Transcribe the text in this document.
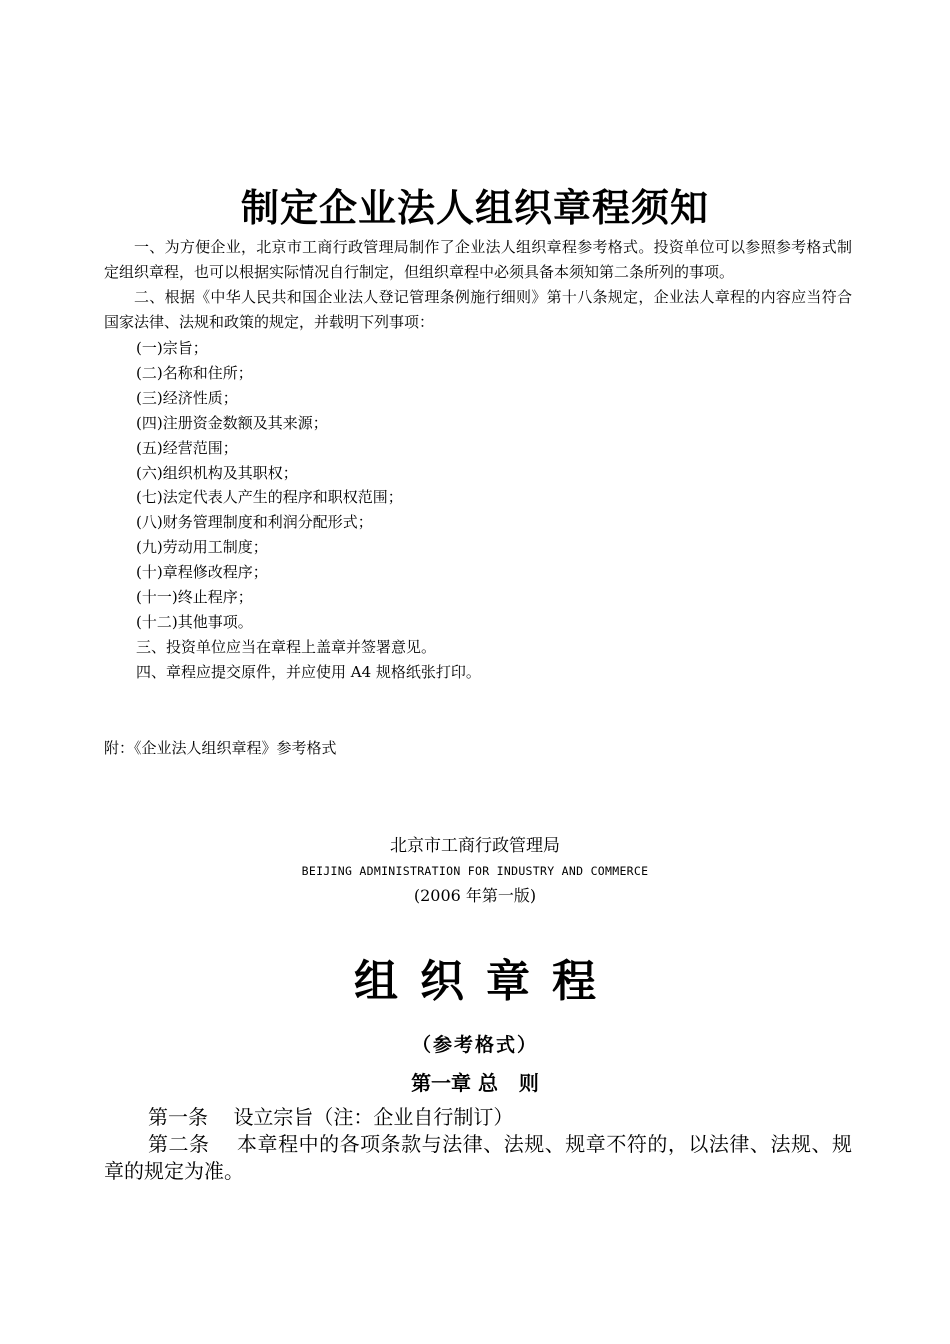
制定企业法人组织章程须知
一、为方便企业，北京市工商行政管理局制作了企业法人组织章程参考格式。投资单位可以参照参考格式制定组织章程，也可以根据实际情况自行制定，但组织章程中必须具备本须知第二条所列的事项。
二、根据《中华人民共和国企业法人登记管理条例施行细则》第十八条规定，企业法人章程的内容应当符合国家法律、法规和政策的规定，并载明下列事项：
(一)宗旨；
(二)名称和住所；
(三)经济性质；
(四)注册资金数额及其来源；
(五)经营范围；
(六)组织机构及其职权；
(七)法定代表人产生的程序和职权范围；
(八)财务管理制度和利润分配形式；
(九)劳动用工制度；
(十)章程修改程序；
(十一)终止程序；
(十二)其他事项。
三、投资单位应当在章程上盖章并签署意见。
四、章程应提交原件，并应使用 A4 规格纸张打印。
附：《企业法人组织章程》参考格式
北京市工商行政管理局
BEIJING ADMINISTRATION FOR INDUSTRY AND COMMERCE
(2006 年第一版)
组织章程
（参考格式）
第一章 总   则
第一条 设立宗旨（注：企业自行制订）
第二条 本章程中的各项条款与法律、法规、规章不符的，以法律、法规、规章的规定为准。
